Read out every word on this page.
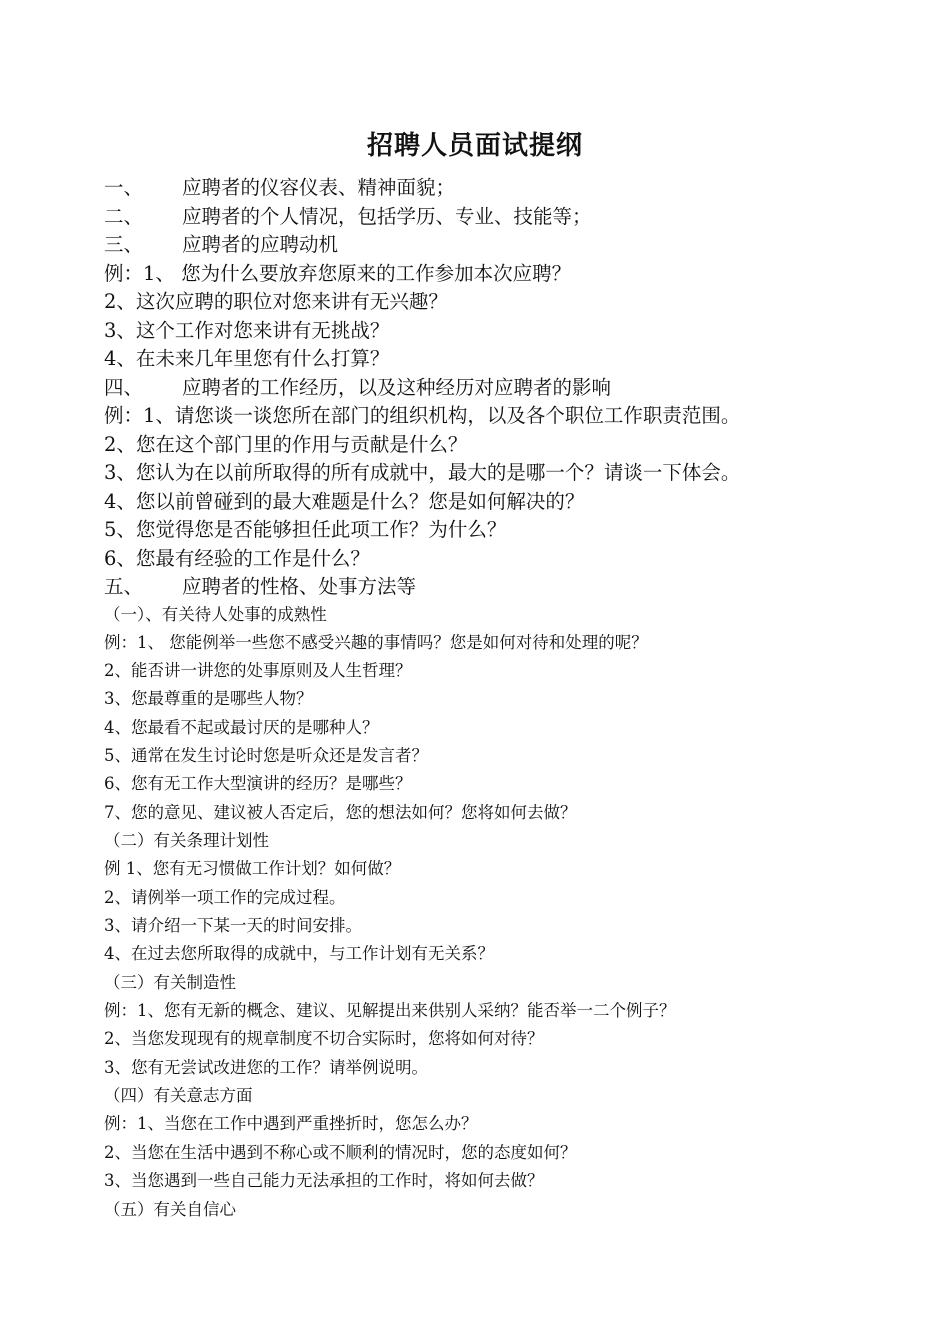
招聘人员面试提纲
一、 应聘者的仪容仪表、精神面貌；
二、 应聘者的个人情况，包括学历、专业、技能等；
三、 应聘者的应聘动机
例：1、 您为什么要放弃您原来的工作参加本次应聘？
2、这次应聘的职位对您来讲有无兴趣？
3、这个工作对您来讲有无挑战？
4、在未来几年里您有什么打算？
四、 应聘者的工作经历，以及这种经历对应聘者的影响
例：1、请您谈一谈您所在部门的组织机构，以及各个职位工作职责范围。
2、您在这个部门里的作用与贡献是什么？
3、您认为在以前所取得的所有成就中，最大的是哪一个？请谈一下体会。
4、您以前曾碰到的最大难题是什么？您是如何解决的？
5、您觉得您是否能够担任此项工作？为什么？
6、您最有经验的工作是什么？
五、 应聘者的性格、处事方法等
（一）、有关待人处事的成熟性
例：1、 您能例举一些您不感受兴趣的事情吗？您是如何对待和处理的呢？
2、能否讲一讲您的处事原则及人生哲理？
3、您最尊重的是哪些人物？
4、您最看不起或最讨厌的是哪种人？
5、通常在发生讨论时您是听众还是发言者？
6、您有无工作大型演讲的经历？是哪些？
7、您的意见、建议被人否定后，您的想法如何？您将如何去做？
（二）有关条理计划性
例 1、您有无习惯做工作计划？如何做？
2、请例举一项工作的完成过程。
3、请介绍一下某一天的时间安排。
4、在过去您所取得的成就中，与工作计划有无关系？
（三）有关制造性
例：1、您有无新的概念、建议、见解提出来供别人采纳？能否举一二个例子？
2、当您发现现有的规章制度不切合实际时，您将如何对待？
3、您有无尝试改进您的工作？请举例说明。
（四）有关意志方面
例：1、当您在工作中遇到严重挫折时，您怎么办？
2、当您在生活中遇到不称心或不顺利的情况时，您的态度如何？
3、当您遇到一些自己能力无法承担的工作时，将如何去做？
（五）有关自信心
